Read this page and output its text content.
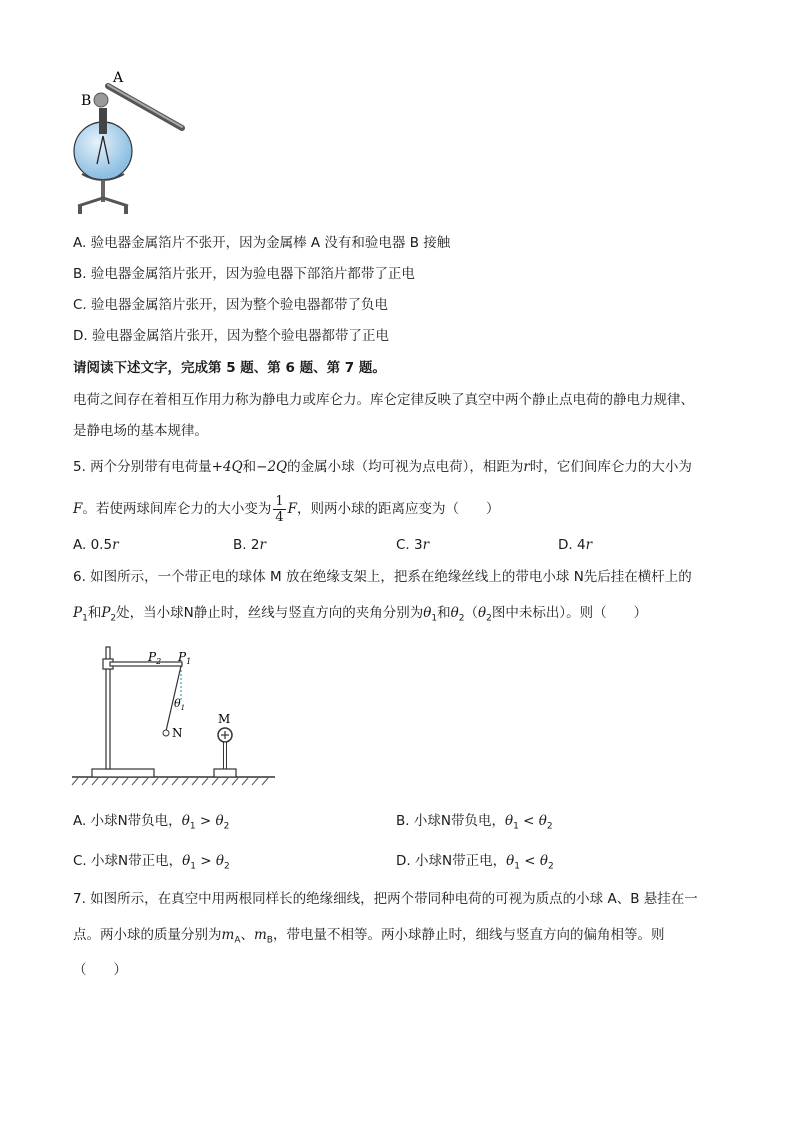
A
B
A. 验电器金属箔片不张开，因为金属棒 A 没有和验电器 B 接触
B. 验电器金属箔片张开，因为验电器下部箔片都带了正电
C. 验电器金属箔片张开，因为整个验电器都带了负电
D. 验电器金属箔片张开，因为整个验电器都带了正电
请阅读下述文字，完成第 5 题、第 6 题、第 7 题。
电荷之间存在着相互作用力称为静电力或库仑力。库仑定律反映了真空中两个静止点电荷的静电力规律、
是静电场的基本规律。
5. 两个分别带有电荷量+4Q和−2Q的金属小球（均可视为点电荷），相距为r时，它们间库仑力的大小为
F。若使两球间库仑力的大小变为 $\frac{1}{4}$ F，则两小球的距离应变为（　　）
A. 0.5r	B. 2r	C. 3r	D. 4r
6. 如图所示，一个带正电的球体 M 放在绝缘支架上，把系在绝缘丝线上的带电小球 N先后挂在横杆上的
$P_1$和$P_2$处，当小球N静止时，丝线与竖直方向的夹角分别为$\theta_1$和$\theta_2(\theta_2$图中未标出）。则（　　）
$P_2$ $P_1$
$\theta_1$
N
M
A. 小球N带负电，$\theta_1 > \theta_2$	B. 小球N带负电，$\theta_1 < \theta_2$
C. 小球N带正电，$\theta_1 > \theta_2$	D. 小球N带正电，$\theta_1 < \theta_2$
7. 如图所示，在真空中用两根同样长的绝缘细线，把两个带同种电荷的可视为质点的小球 A、B 悬挂在一
点。两小球的质量分别为$m_A$、$m_B$，带电量不相等。两小球静止时，细线与竖直方向的偏角相等。则
（　　）
